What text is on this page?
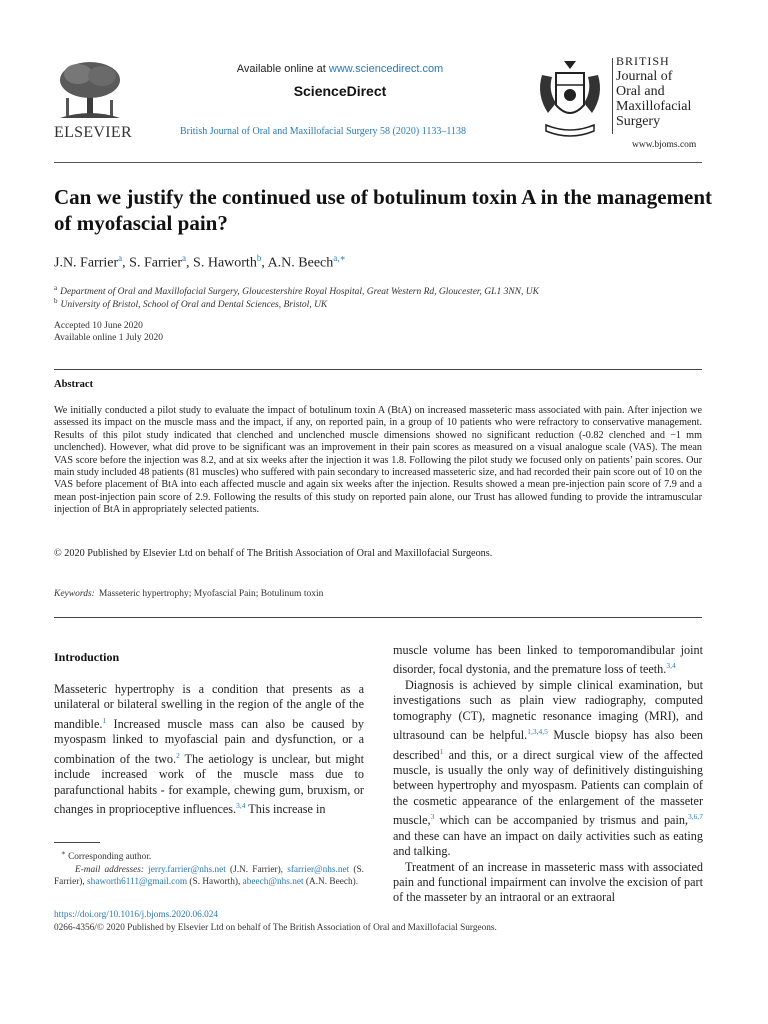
ELSEVIER
Available online at www.sciencedirect.com
ScienceDirect
British Journal of Oral and Maxillofacial Surgery 58 (2020) 1133–1138
BRITISH
Journal of
Oral and
Maxillofacial
Surgery
www.bjoms.com
Can we justify the continued use of botulinum toxin A in the management of myofascial pain?
J.N. Farrier$^a$, S. Farrier$^a$, S. Haworth$^b$, A.N. Beech$^{a,∗}$
$^a$ Department of Oral and Maxillofacial Surgery, Gloucestershire Royal Hospital, Great Western Rd, Gloucester, GL1 3NN, UK
$^b$ University of Bristol, School of Oral and Dental Sciences, Bristol, UK
Accepted 10 June 2020
Available online 1 July 2020
Abstract

We initially conducted a pilot study to evaluate the impact of botulinum toxin A (BtA) on increased masseteric mass associated with pain. After injection we assessed its impact on the muscle mass and the impact, if any, on reported pain, in a group of 10 patients who were refractory to conservative management. Results of this pilot study indicated that clenched and unclenched muscle dimensions showed no significant reduction (-0.82 clenched and −1 mm unclenched). However, what did prove to be significant was an improvement in their pain scores as measured on a visual analogue scale (VAS). The mean VAS score before the injection was 8.2, and at six weeks after the injection it was 1.8. Following the pilot study we focused only on patients’ pain scores. Our main study included 48 patients (81 muscles) who suffered with pain secondary to increased masseteric size, and had recorded their pain score out of 10 on the VAS before placement of BtA into each affected muscle and again six weeks after the injection. Results showed a mean pre-injection pain score of 7.9 and a mean post-injection pain score of 2.9. Following the results of this study on reported pain alone, our Trust has allowed funding to provide the intramuscular injection of BtA in appropriately selected patients.

© 2020 Published by Elsevier Ltd on behalf of The British Association of Oral and Maxillofacial Surgeons.
Keywords: Masseteric hypertrophy; Myofascial Pain; Botulinum toxin
Introduction

Masseteric hypertrophy is a condition that presents as a unilateral or bilateral swelling in the region of the angle of the mandible.$^1$ Increased muscle mass can also be caused by myospasm linked to myofascial pain and dysfunction, or a combination of the two.$^2$ The aetiology is unclear, but might include increased work of the muscle mass due to parafunctional habits - for example, chewing gum, bruxism, or changes in proprioceptive influences.$^{3,4}$ This increase in

muscle volume has been linked to temporomandibular joint disorder, focal dystonia, and the premature loss of teeth.$^{3,4}$

Diagnosis is achieved by simple clinical examination, but investigations such as plain view radiography, computed tomography (CT), magnetic resonance imaging (MRI), and ultrasound can be helpful.$^{1,3,4,5}$ Muscle biopsy has also been described$^1$ and this, or a direct surgical view of the affected muscle, is usually the only way of definitively distinguishing between hypertrophy and myospasm. Patients can complain of the cosmetic appearance of the enlargement of the masseter muscle,$^3$ which can be accompanied by trismus and pain,$^{3,6,7}$ and these can have an impact on daily activities such as eating and talking.

Treatment of an increase in masseteric mass with associated pain and functional impairment can involve the excision of part of the masseter by an intraoral or an extraoral

∗ Corresponding author.
E-mail addresses: jerry.farrier@nhs.net (J.N. Farrier), sfarrier@nhs.net (S. Farrier), shaworth6111@gmail.com (S. Haworth), abeech@nhs.net (A.N. Beech).

https://doi.org/10.1016/j.bjoms.2020.06.024
0266-4356/© 2020 Published by Elsevier Ltd on behalf of The British Association of Oral and Maxillofacial Surgeons.
